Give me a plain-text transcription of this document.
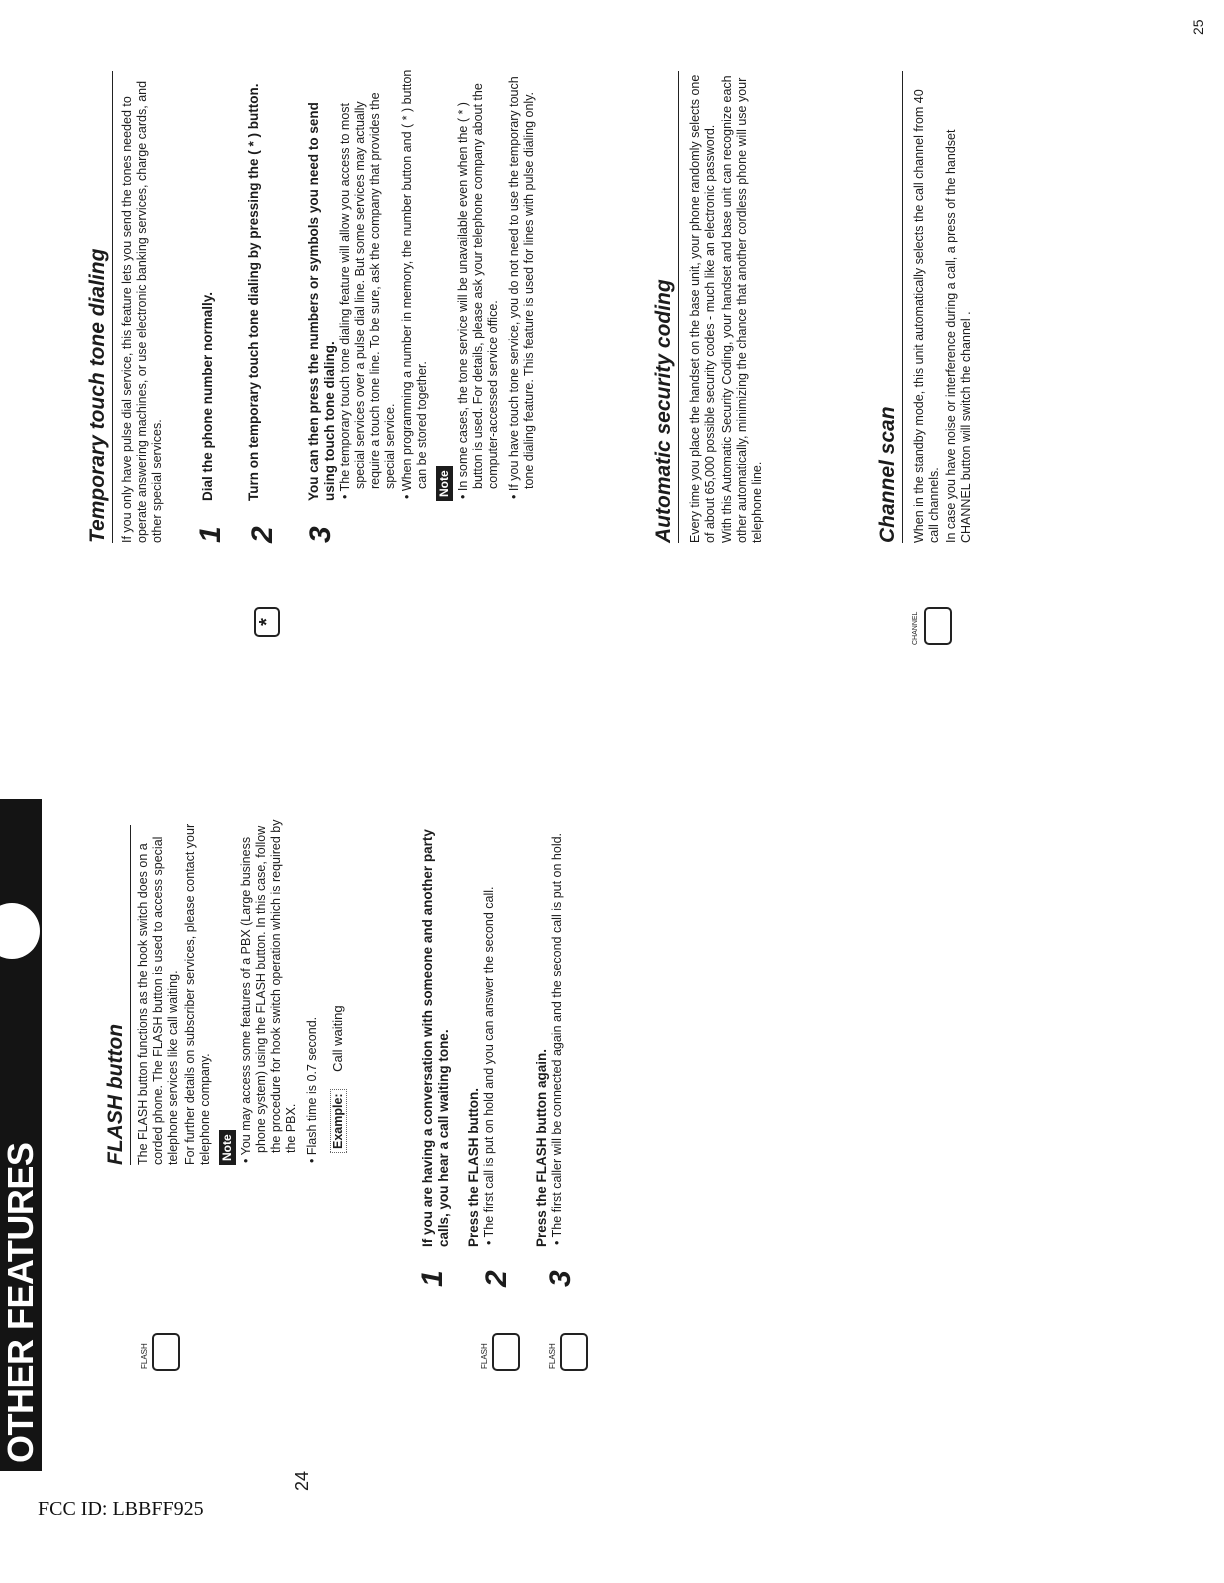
FCC ID: LBBFF925
OTHER FEATURES	FLASH
FLASH button The FLASH button functions as the hook switch does on a corded phone. The FLASH button is used to access special telephone services like call waiting. For further details on subscriber services, please contact your telephone company. Note • You may access some features of a PBX (Large business phone system) using the FLASH button. In this case, follow the procedure for hook switch operation which is required by the PBX.

• Flash time is 0.7 second. Example: Call waiting
1
If you are having a conversation with someone and another party calls, you hear a call waiting tone.
FLASH
2
Press the FLASH button. • The first call is put on hold and you can answer the second call.

FLASH
3
Press the FLASH button again. • The first caller will be connected again and the second call is put on hold.

24
Temporary touch tone dialing If you only have pulse dial service, this feature lets you send the tones needed to operate answering machines, or use electronic banking services, charge cards, and other special services. 1
Dial the phone number normally.
*
2
Turn on temporary touch tone dialing by pressing the ( * ) button.
3
You can then press the numbers or symbols you need to send using touch tone dialing. • The temporary touch tone dialing feature will allow you access to most special services over a pulse dial line. But some services may actually require a touch tone line. To be sure, ask the company that provides the special service.

• When programming a number in memory, the number button and ( * ) button can be stored together. Note • In some cases, the tone service will be unavailable even when the ( * ) button is used. For details, please ask your telephone company about the computer-accessed service office.

• If you have touch tone service, you do not need to use the temporary touch tone dialing feature. This feature is used for lines with pulse dialing only.	Automatic security coding	Every time you place the handset on the base unit, your phone randomly selects one of about 65,000 possible security codes - much like an electronic password. With this Automatic Security Coding, your handset and base unit can recognize each other automatically, minimizing the chance that another cordless phone will use your telephone line.

CHANNEL
Channel scan	When in the standby mode, this unit automatically selects the call channel from 40 call channels. In case you have noise or interference during a call, a press of the handset CHANNEL button will switch the channel .

25
